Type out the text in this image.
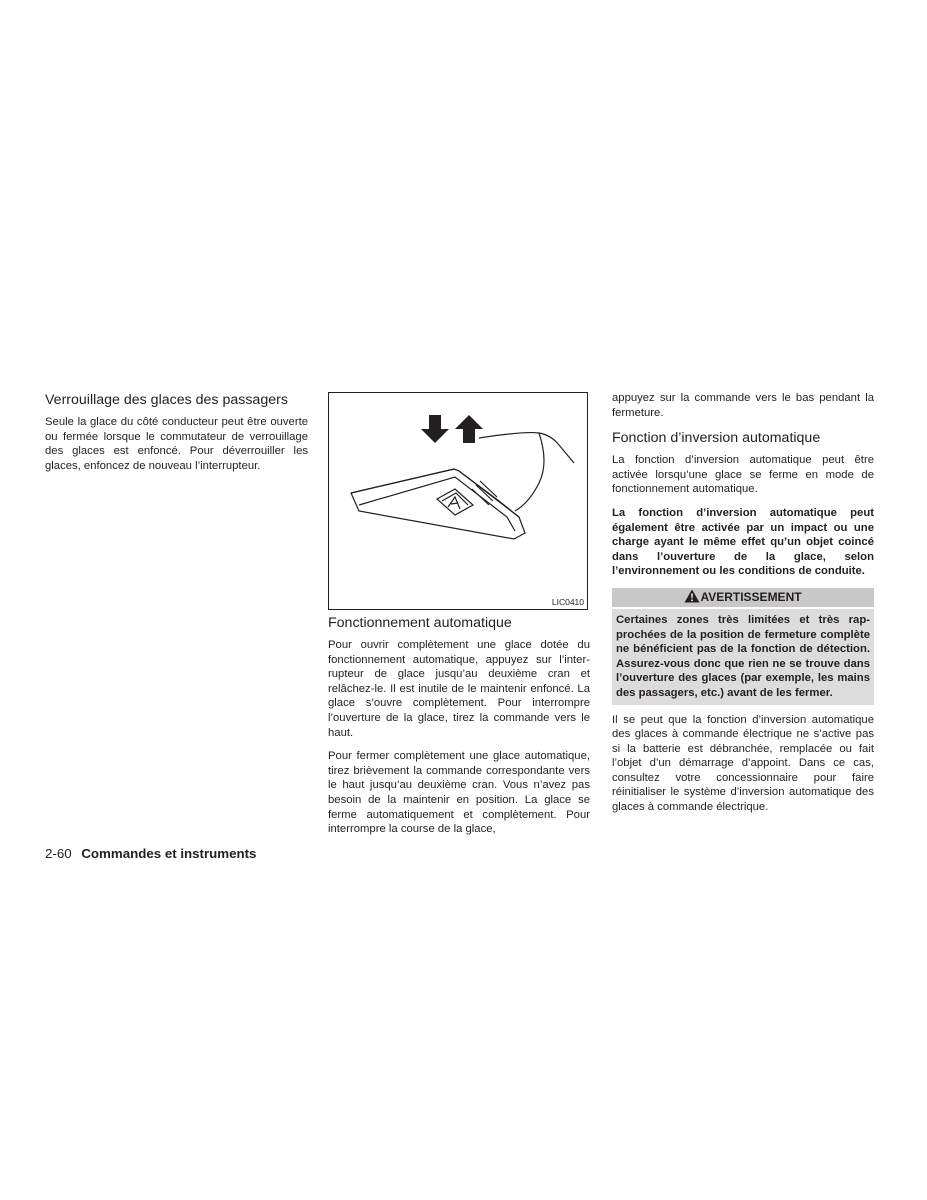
Verrouillage des glaces des passagers

Seule la glace du côté conducteur peut être ouverte ou fermée lorsque le commutateur de verrouillage des glaces est enfoncé. Pour déverrouiller les glaces, enfoncez de nouveau l’interrupteur.

LIC0410
Fonctionnement automatique

Pour ouvrir complètement une glace dotée du fonctionnement automatique, appuyez sur l’interrupteur de glace jusqu’au deuxième cran et relâchez-le. Il est inutile de le maintenir enfoncé. La glace s’ouvre complètement. Pour interrompre l’ouverture de la glace, tirez la commande vers le haut.

Pour fermer complètement une glace automatique, tirez brièvement la commande correspondante vers le haut jusqu’au deuxième cran. Vous n’avez pas besoin de la maintenir en position. La glace se ferme automatiquement et complètement. Pour interrompre la course de la glace,

appuyez sur la commande vers le bas pendant la fermeture.

Fonction d’inversion automatique

La fonction d’inversion automatique peut être activée lorsqu’une glace se ferme en mode de fonctionnement automatique.

La fonction d’inversion automatique peut également être activée par un impact ou une charge ayant le même effet qu’un objet coincé dans l’ouverture de la glace, selon l’environnement ou les conditions de conduite.

AVERTISSEMENT
Certaines zones très limitées et très rapprochées de la position de fermeture complète ne bénéficient pas de la fonction de détection. Assurez-vous donc que rien ne se trouve dans l’ouverture des glaces (par exemple, les mains des passagers, etc.) avant de les fermer.

Il se peut que la fonction d’inversion automatique des glaces à commande électrique ne s’active pas si la batterie est débranchée, remplacée ou fait l’objet d’un démarrage d’appoint. Dans ce cas, consultez votre concessionnaire pour faire réinitialiser le système d’inversion automatique des glaces à commande électrique.

2-60 Commandes et instruments
